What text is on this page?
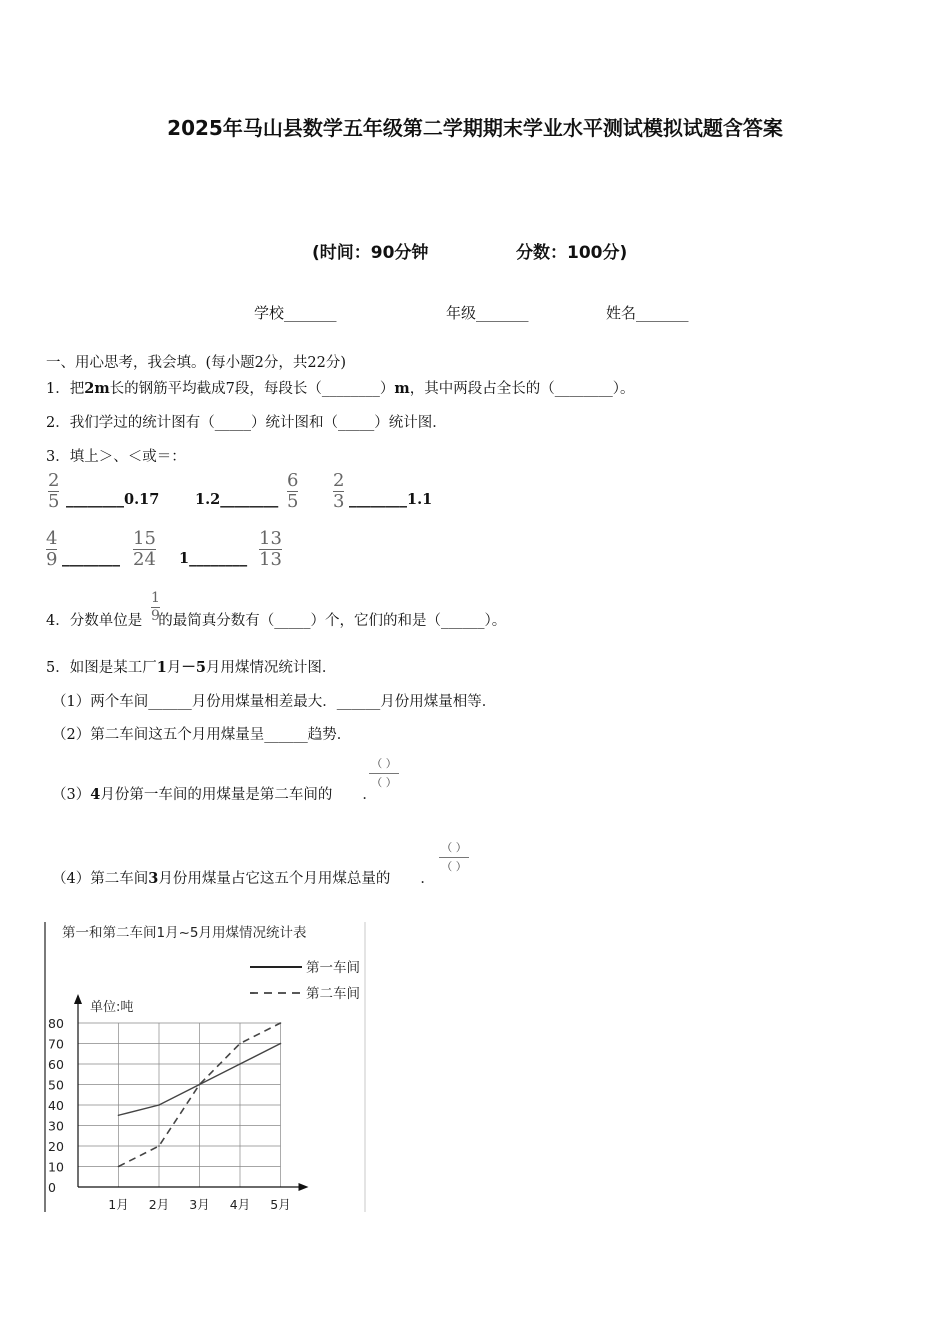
2025年马山县数学五年级第二学期期末学业水平测试模拟试题含答案
(时间：90分钟	分数：100分)
学校_______	年级_______	姓名_______
一、用心思考，我会填。(每小题2分，共22分)
1．把2m长的钢筋平均截成7段，每段长（________）m，其中两段占全长的（________）。
2．我们学过的统计图有（_____）统计图和（_____）统计图．
3．填上＞、＜或＝：
2
5 ________0.17 1.2________
6
5
2
3 ________1.1
4
9 ________
15
24 1________
13
13
4．分数单位是 的最简真分数有（_____）个，它们的和是（______）。
1
9
5．如图是某工厂1月－5月用煤情况统计图．
（1）两个车间______月份用煤量相差最大．______月份用煤量相等．
（2）第二车间这五个月用煤量呈______趋势．
（3）4月份第一车间的用煤量是第二车间的 ．
（ ）
（ ）
（4）第二车间3月份用煤量占它这五个月用煤总量的 ．
（ ）
（ ）
第一和第二车间1月~5月用煤情况统计表
第一车间
第二车间
单位:吨
0
10
20
30
40
50
60
70
80
1月 2月 3月 4月 5月
